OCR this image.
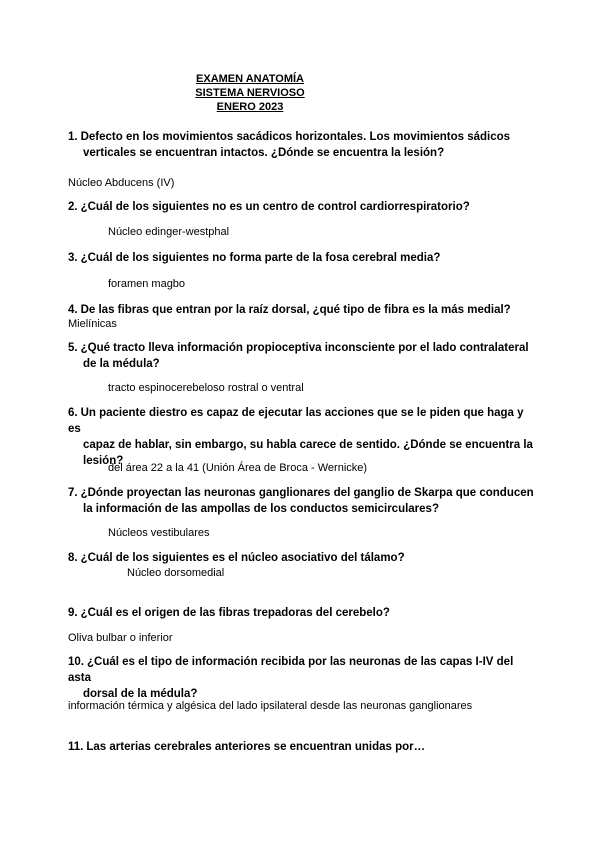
EXAMEN ANATOMÍA
SISTEMA NERVIOSO
ENERO 2023
1. Defecto en los movimientos sacádicos horizontales. Los movimientos sádicos
verticales se encuentran intactos. ¿Dónde se encuentra la lesión?
Núcleo Abducens (IV)
2. ¿Cuál de los siguientes no es un centro de control cardiorrespiratorio?
Núcleo edinger-westphal
3. ¿Cuál de los siguientes no forma parte de la fosa cerebral media?
foramen magbo
4. De las fibras que entran por la raíz dorsal, ¿qué tipo de fibra es la más medial?
Mielínicas
5. ¿Qué tracto lleva información propioceptiva inconsciente por el lado contralateral
de la médula?
tracto espinocerebeloso rostral o ventral
6. Un paciente diestro es capaz de ejecutar las acciones que se le piden que haga y es
capaz de hablar, sin embargo, su habla carece de sentido. ¿Dónde se encuentra la
lesión?
del área 22 a la 41 (Unión Área de Broca - Wernicke)
7. ¿Dónde proyectan las neuronas ganglionares del ganglio de Skarpa que conducen
la información de las ampollas de los conductos semicirculares?
Núcleos vestibulares
8. ¿Cuál de los siguientes es el núcleo asociativo del tálamo?
Núcleo dorsomedial
9. ¿Cuál es el origen de las fibras trepadoras del cerebelo?
Oliva bulbar o inferior
10. ¿Cuál es el tipo de información recibida por las neuronas de las capas I-IV del asta
dorsal de la médula?
información térmica y algésica del lado ipsilateral desde las neuronas ganglionares
11. Las arterias cerebrales anteriores se encuentran unidas por…
